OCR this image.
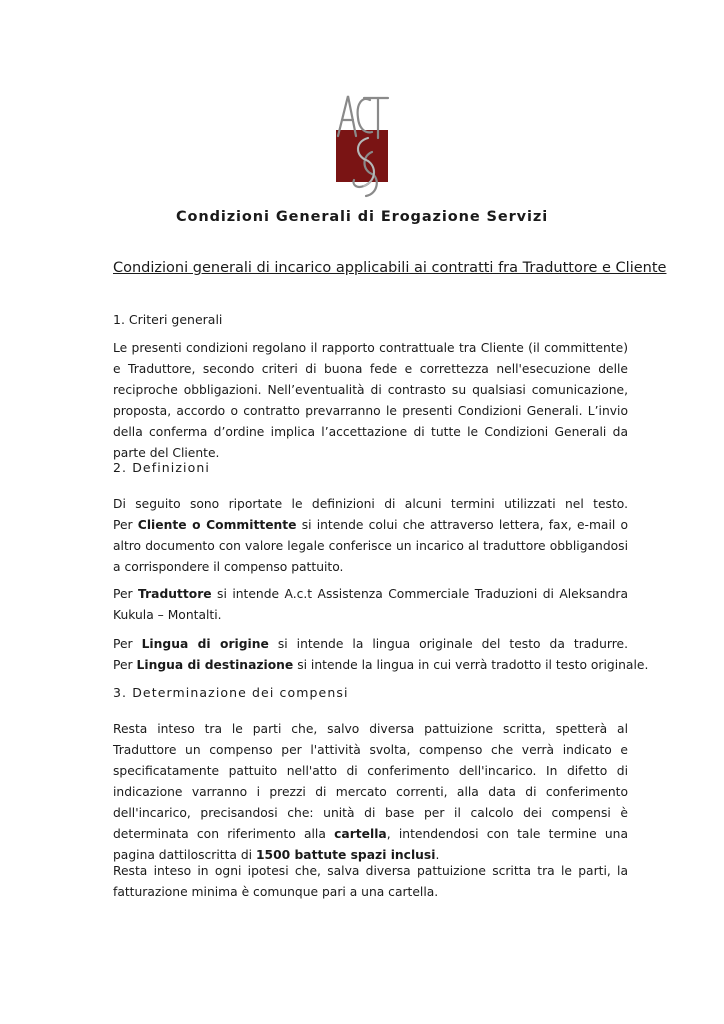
Condizioni Generali di Erogazione Servizi
Condizioni generali di incarico applicabili ai contratti fra Traduttore e Cliente
1. Criteri generali
Le presenti condizioni regolano il rapporto contrattuale tra Cliente (il committente) e Traduttore, secondo criteri di buona fede e correttezza nell'esecuzione delle reciproche obbligazioni. Nell’eventualità di contrasto su qualsiasi comunicazione, proposta, accordo o contratto prevarranno le presenti Condizioni Generali. L’invio della conferma d’ordine implica l’accettazione di tutte le Condizioni Generali da parte del Cliente.
2. Definizioni
Di seguito sono riportate le definizioni di alcuni termini utilizzati nel testo.
Per Cliente o Committente si intende colui che attraverso lettera, fax, e-mail o altro documento con valore legale conferisce un incarico al traduttore obbligandosi a corrispondere il compenso pattuito.
Per Traduttore si intende A.c.t Assistenza Commerciale Traduzioni di Aleksandra Kukula – Montalti.
Per Lingua di origine si intende la lingua originale del testo da tradurre.
Per Lingua di destinazione si intende la lingua in cui verrà tradotto il testo originale.
3. Determinazione dei compensi
Resta inteso tra le parti che, salvo diversa pattuizione scritta, spetterà al Traduttore un compenso per l'attività svolta, compenso che verrà indicato e specificatamente pattuito nell'atto di conferimento dell'incarico. In difetto di indicazione varranno i prezzi di mercato correnti, alla data di conferimento dell'incarico, precisandosi che: unità di base per il calcolo dei compensi è determinata con riferimento alla cartella, intendendosi con tale termine una pagina dattiloscritta di 1500 battute spazi inclusi.
Resta inteso in ogni ipotesi che, salva diversa pattuizione scritta tra le parti, la fatturazione minima è comunque pari a una cartella.
